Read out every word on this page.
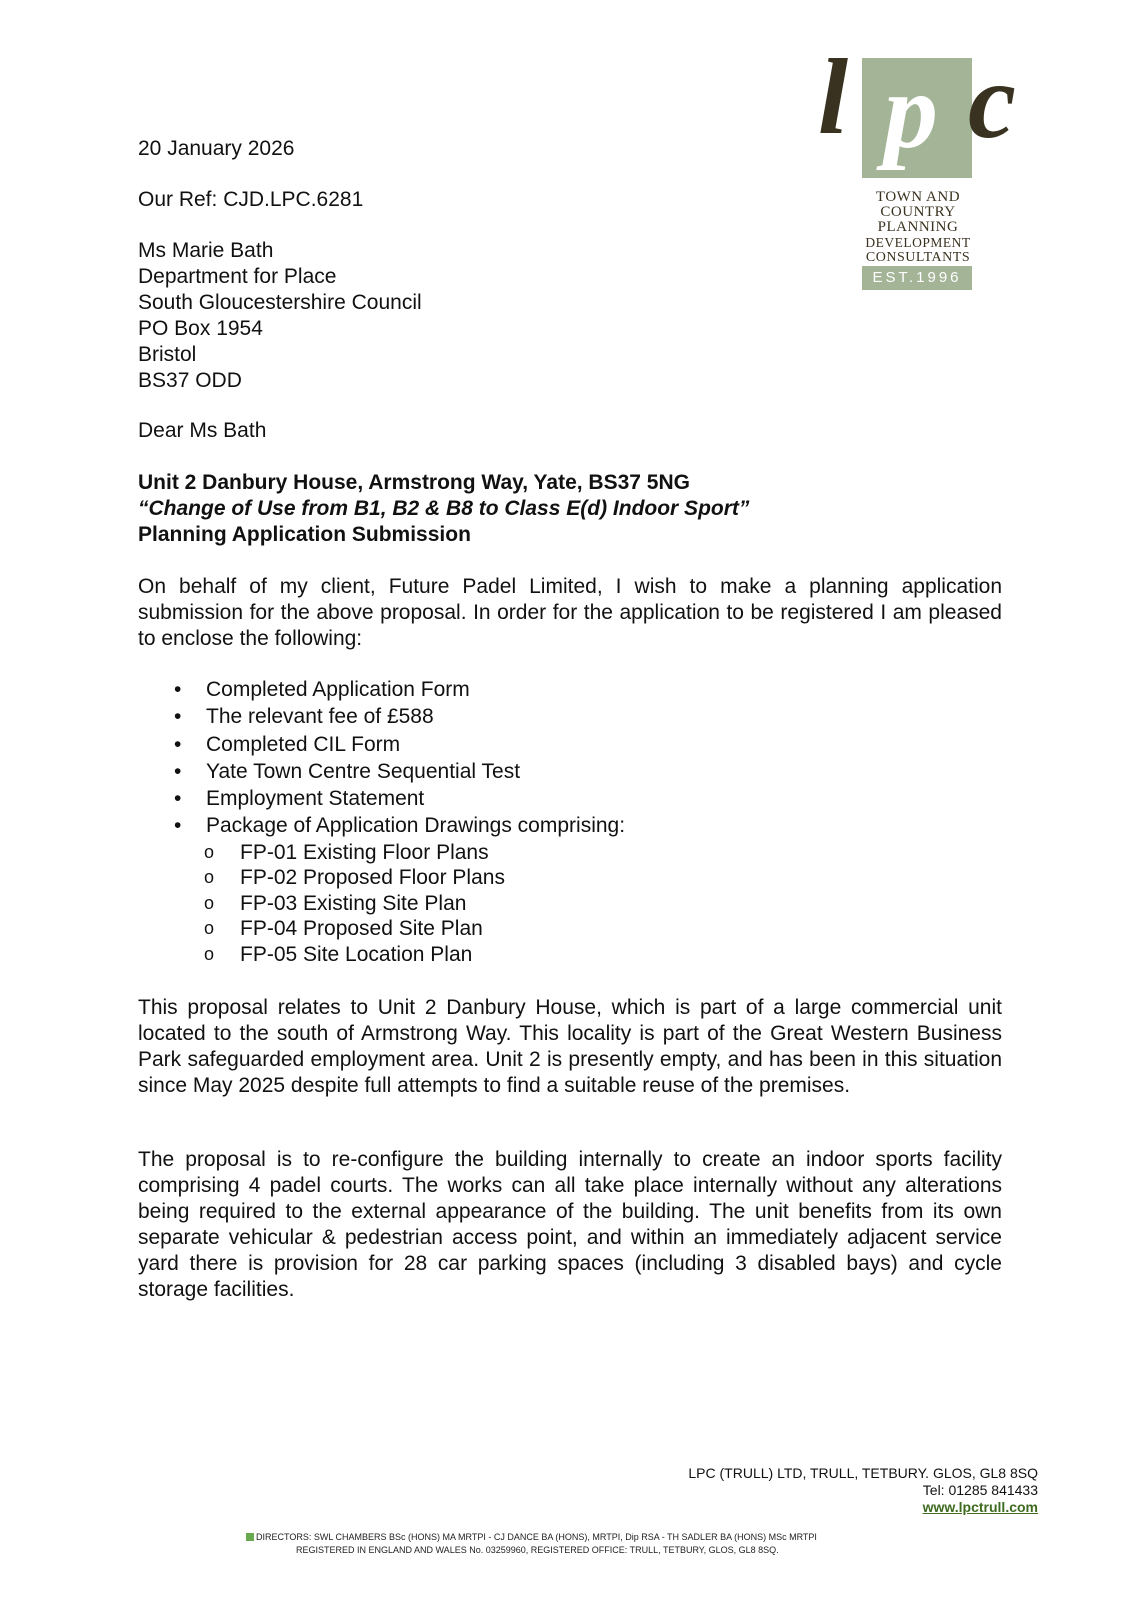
l p c
TOWN AND
COUNTRY
PLANNING
DEVELOPMENT
CONSULTANTS
EST.1996

20 January 2026

Our Ref: CJD.LPC.6281

Ms Marie Bath
Department for Place
South Gloucestershire Council
PO Box 1954
Bristol
BS37 ODD

Dear Ms Bath

Unit 2 Danbury House, Armstrong Way, Yate, BS37 5NG
“Change of Use from B1, B2 & B8 to Class E(d) Indoor Sport”
Planning Application Submission

On behalf of my client, Future Padel Limited, I wish to make a planning application submission for the above proposal. In order for the application to be registered I am pleased to enclose the following:

• Completed Application Form
• The relevant fee of £588
• Completed CIL Form
• Yate Town Centre Sequential Test
• Employment Statement
• Package of Application Drawings comprising:
o FP-01 Existing Floor Plans
o FP-02 Proposed Floor Plans
o FP-03 Existing Site Plan
o FP-04 Proposed Site Plan
o FP-05 Site Location Plan

This proposal relates to Unit 2 Danbury House, which is part of a large commercial unit located to the south of Armstrong Way. This locality is part of the Great Western Business Park safeguarded employment area. Unit 2 is presently empty, and has been in this situation since May 2025 despite full attempts to find a suitable reuse of the premises.

The proposal is to re-configure the building internally to create an indoor sports facility comprising 4 padel courts. The works can all take place internally without any alterations being required to the external appearance of the building. The unit benefits from its own separate vehicular & pedestrian access point, and within an immediately adjacent service yard there is provision for 28 car parking spaces (including 3 disabled bays) and cycle storage facilities.

LPC (TRULL) LTD, TRULL, TETBURY. GLOS, GL8 8SQ
Tel: 01285 841433
www.lpctrull.com
DIRECTORS: SWL CHAMBERS BSc (HONS) MA MRTPI - CJ DANCE BA (HONS), MRTPI, Dip RSA - TH SADLER BA (HONS) MSc MRTPI
REGISTERED IN ENGLAND AND WALES No. 03259960, REGISTERED OFFICE: TRULL, TETBURY, GLOS, GL8 8SQ.
